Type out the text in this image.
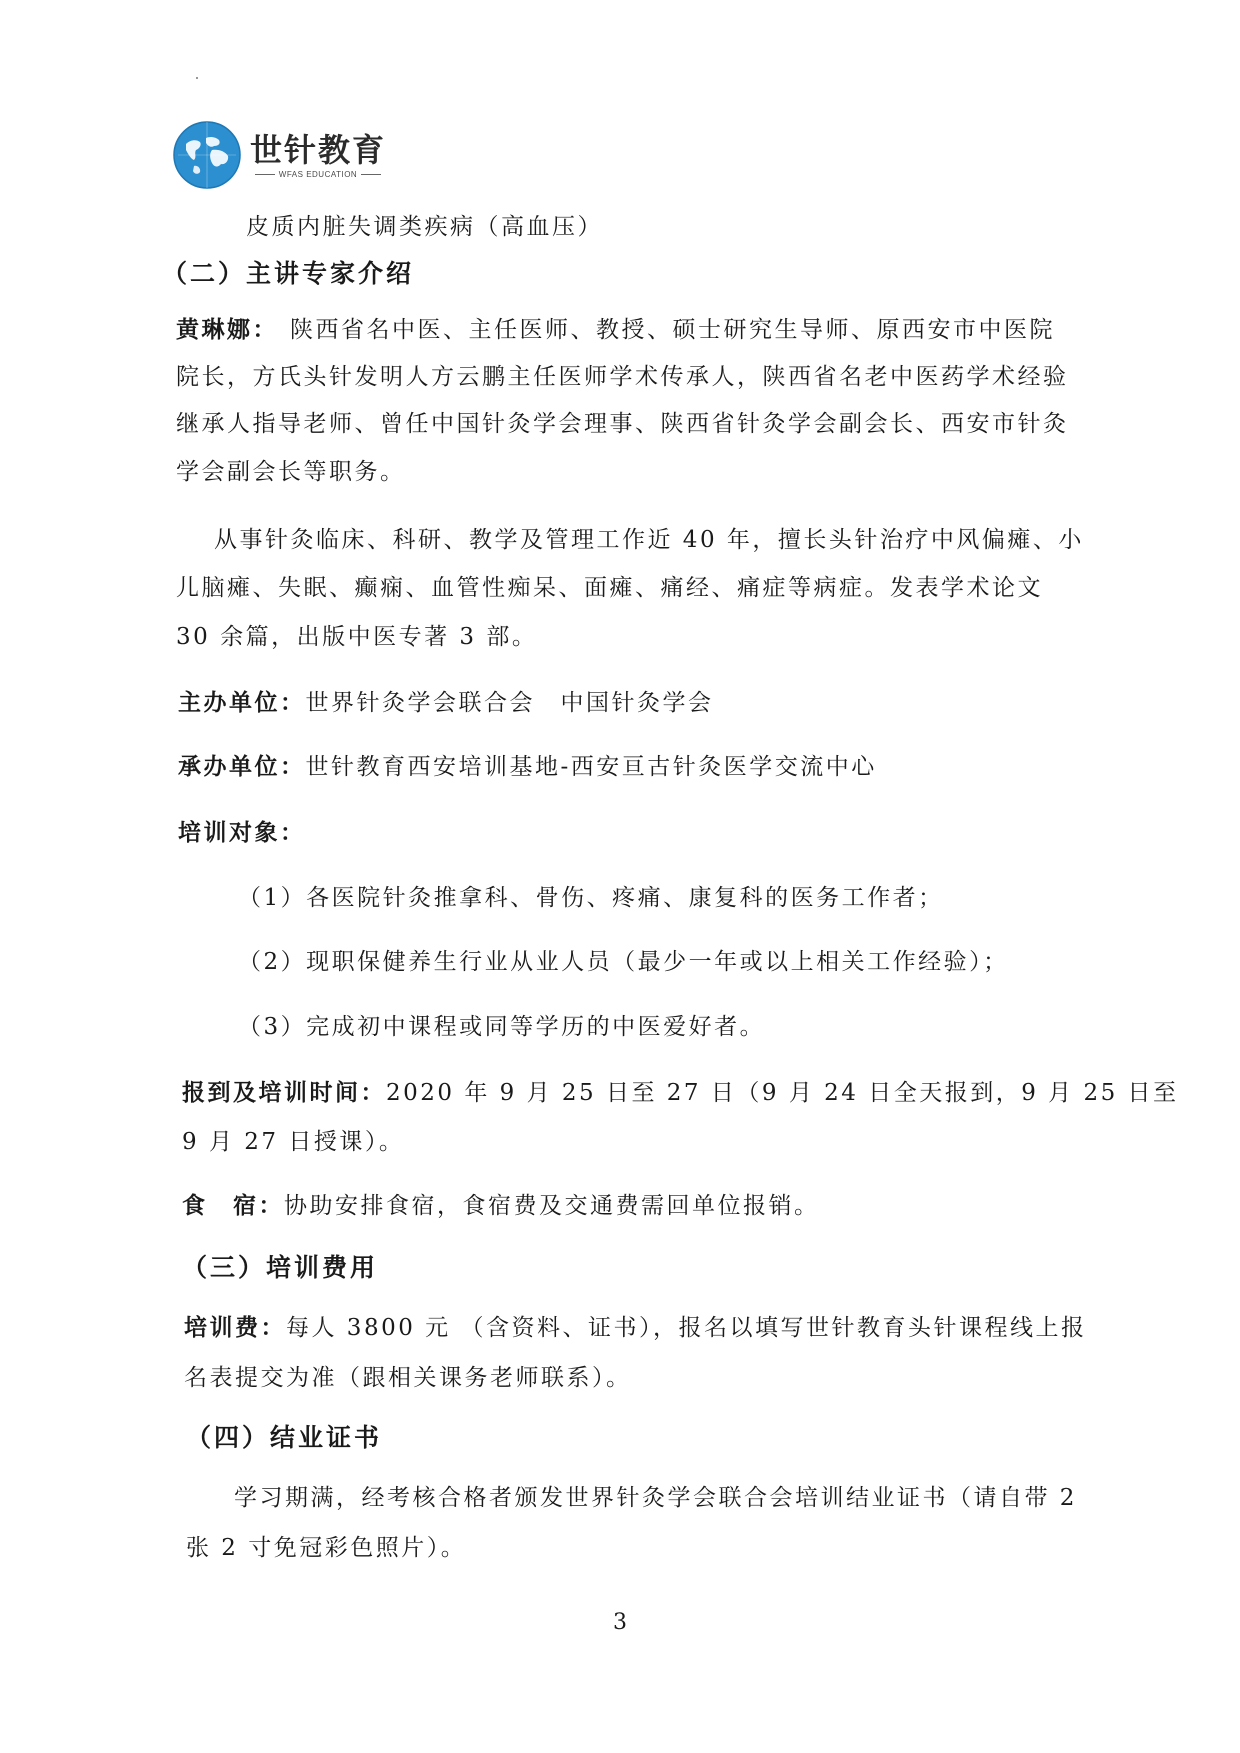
世针教育
WFAS EDUCATION
皮质内脏失调类疾病（高血压）
（二）主讲专家介绍
黄琳娜： 陕西省名中医、主任医师、教授、硕士研究生导师、原西安市中医院
院长，方氏头针发明人方云鹏主任医师学术传承人，陕西省名老中医药学术经验
继承人指导老师、曾任中国针灸学会理事、陕西省针灸学会副会长、西安市针灸
学会副会长等职务。
从事针灸临床、科研、教学及管理工作近 40 年，擅长头针治疗中风偏瘫、小
儿脑瘫、失眠、癫痫、血管性痴呆、面瘫、痛经、痛症等病症。发表学术论文
30 余篇，出版中医专著 3 部。
主办单位：世界针灸学会联合会　中国针灸学会
承办单位：世针教育西安培训基地-西安亘古针灸医学交流中心
培训对象：
（1）各医院针灸推拿科、骨伤、疼痛、康复科的医务工作者；
（2）现职保健养生行业从业人员（最少一年或以上相关工作经验）；
（3）完成初中课程或同等学历的中医爱好者。
报到及培训时间：2020 年 9 月 25 日至 27 日（9 月 24 日全天报到，9 月 25 日至
9 月 27 日授课）。
食　宿：协助安排食宿，食宿费及交通费需回单位报销。
（三）培训费用
培训费：每人 3800 元 （含资料、证书），报名以填写世针教育头针课程线上报
名表提交为准（跟相关课务老师联系）。
（四）结业证书
学习期满，经考核合格者颁发世界针灸学会联合会培训结业证书（请自带 2
张 2 寸免冠彩色照片）。
3
